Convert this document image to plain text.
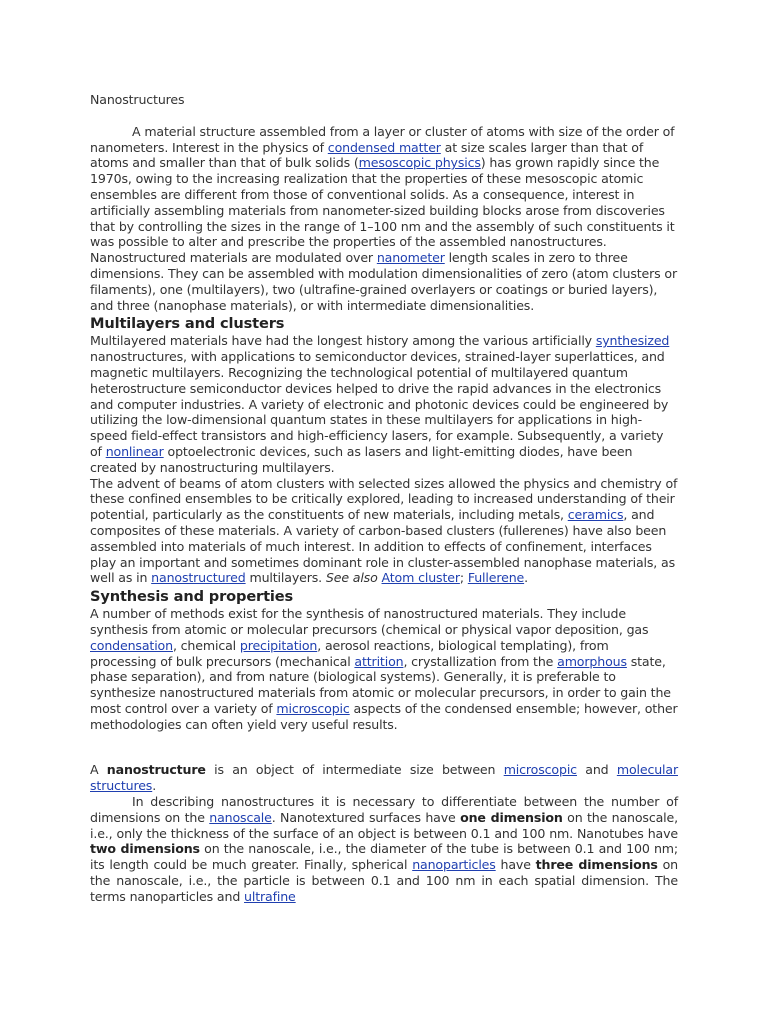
Nanostructures

A material structure assembled from a layer or cluster of atoms with size of the order of nanometers. Interest in the physics of condensed matter at size scales larger than that of atoms and smaller than that of bulk solids (mesoscopic physics) has grown rapidly since the 1970s, owing to the increasing realization that the properties of these mesoscopic atomic ensembles are different from those of conventional solids. As a consequence, interest in artificially assembling materials from nanometer-sized building blocks arose from discoveries that by controlling the sizes in the range of 1–100 nm and the assembly of such constituents it was possible to alter and prescribe the properties of the assembled nanostructures.

Nanostructured materials are modulated over nanometer length scales in zero to three dimensions. They can be assembled with modulation dimensionalities of zero (atom clusters or filaments), one (multilayers), two (ultrafine-grained overlayers or coatings or buried layers), and three (nanophase materials), or with intermediate dimensionalities.

Multilayers and clusters

Multilayered materials have had the longest history among the various artificially synthesized nanostructures, with applications to semiconductor devices, strained-layer superlattices, and magnetic multilayers. Recognizing the technological potential of multilayered quantum heterostructure semiconductor devices helped to drive the rapid advances in the electronics and computer industries. A variety of electronic and photonic devices could be engineered by utilizing the low-dimensional quantum states in these multilayers for applications in high-speed field-effect transistors and high-efficiency lasers, for example. Subsequently, a variety of nonlinear optoelectronic devices, such as lasers and light-emitting diodes, have been created by nanostructuring multilayers.

The advent of beams of atom clusters with selected sizes allowed the physics and chemistry of these confined ensembles to be critically explored, leading to increased understanding of their potential, particularly as the constituents of new materials, including metals, ceramics, and composites of these materials. A variety of carbon-based clusters (fullerenes) have also been assembled into materials of much interest. In addition to effects of confinement, interfaces play an important and sometimes dominant role in cluster-assembled nanophase materials, as well as in nanostructured multilayers. See also Atom cluster; Fullerene.

Synthesis and properties

A number of methods exist for the synthesis of nanostructured materials. They include synthesis from atomic or molecular precursors (chemical or physical vapor deposition, gas condensation, chemical precipitation, aerosol reactions, biological templating), from processing of bulk precursors (mechanical attrition, crystallization from the amorphous state, phase separation), and from nature (biological systems). Generally, it is preferable to synthesize nanostructured materials from atomic or molecular precursors, in order to gain the most control over a variety of microscopic aspects of the condensed ensemble; however, other methodologies can often yield very useful results.

A nanostructure is an object of intermediate size between microscopic and molecular structures.

In describing nanostructures it is necessary to differentiate between the number of dimensions on the nanoscale. Nanotextured surfaces have one dimension on the nanoscale, i.e., only the thickness of the surface of an object is between 0.1 and 100 nm. Nanotubes have two dimensions on the nanoscale, i.e., the diameter of the tube is between 0.1 and 100 nm; its length could be much greater. Finally, spherical nanoparticles have three dimensions on the nanoscale, i.e., the particle is between 0.1 and 100 nm in each spatial dimension. The terms nanoparticles and ultrafine
